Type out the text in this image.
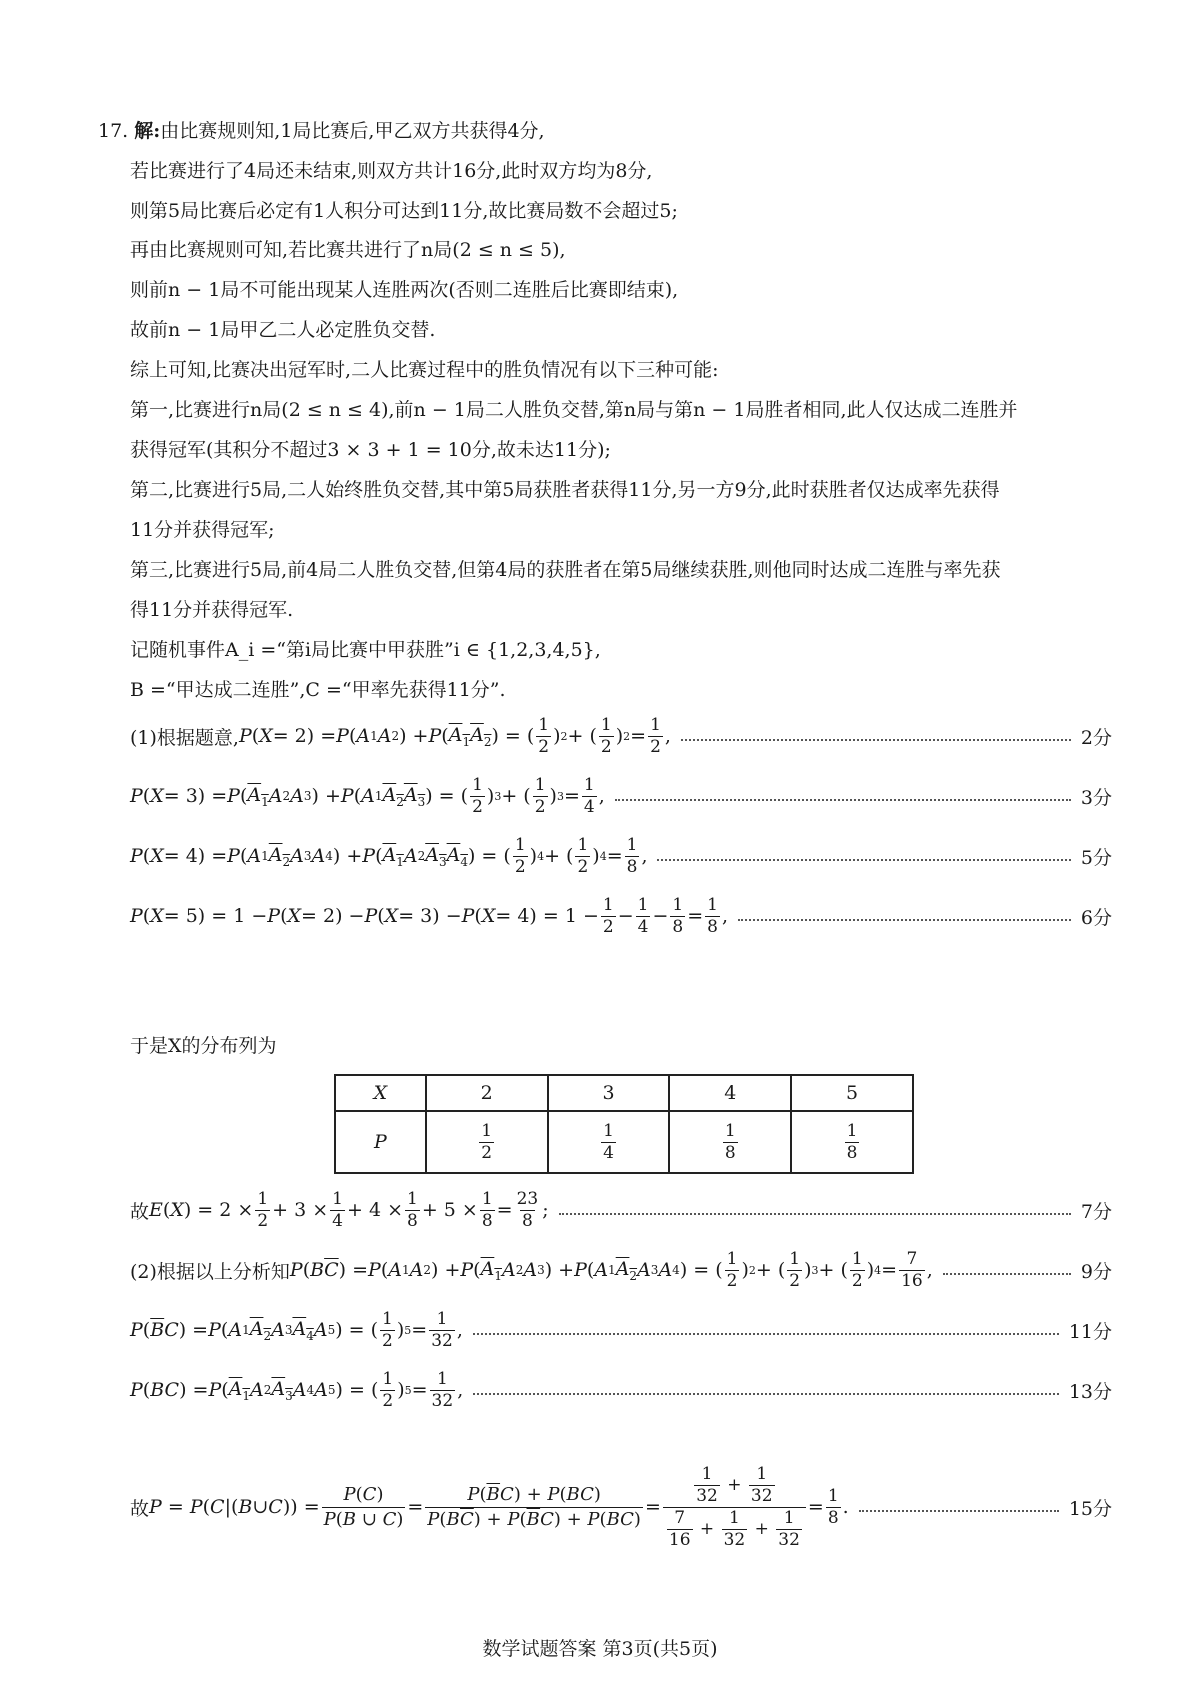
17. 解:由比赛规则知,1局比赛后,甲乙双方共获得4分,
若比赛进行了4局还未结束,则双方共计16分,此时双方均为8分,
则第5局比赛后必定有1人积分可达到11分,故比赛局数不会超过5;
再由比赛规则可知,若比赛共进行了n局(2 ≤ n ≤ 5),
则前n − 1局不可能出现某人连胜两次(否则二连胜后比赛即结束),
故前n − 1局甲乙二人必定胜负交替.
综上可知,比赛决出冠军时,二人比赛过程中的胜负情况有以下三种可能:
第一,比赛进行n局(2 ≤ n ≤ 4),前n − 1局二人胜负交替,第n局与第n − 1局胜者相同,此人仅达成二连胜并
获得冠军(其积分不超过3 × 3 + 1 = 10分,故未达11分);
第二,比赛进行5局,二人始终胜负交替,其中第5局获胜者获得11分,另一方9分,此时获胜者仅达成率先获得
11分并获得冠军;
第三,比赛进行5局,前4局二人胜负交替,但第4局的获胜者在第5局继续获胜,则他同时达成二连胜与率先获
得11分并获得冠军.
记随机事件A_i =“第i局比赛中甲获胜”i ∈ {1,2,3,4,5},
B =“甲达成二连胜”,C =“甲率先获得11分”.
(1)根据题意, P ( X = 2) = P ( A 1 A 2 ) + P ( $A_1$ $A_2$ ) = ( $\frac{1}{2}$ ) 2 + ( $\frac{1}{2}$ ) $2 = \frac{1}{2}$ ,	2分
P ( X = 3) = P ( $A_1$ A 2 A 3 ) + P ( A 1 $A_2$ $A_3$ ) = ( $\frac{1}{2}$ ) 3 + ( $\frac{1}{2}$ ) $3 = \frac{1}{4}$ ,	3分
P ( X = 4) = P ( A 1 $A_2$ A 3 A 4 ) + P ( $A_1$ A 2 $A_3$ $A_4$ ) = ( $\frac{1}{2}$ ) 4 + ( $\frac{1}{2}$ ) $4 = \frac{1}{8}$ ,	5分
P ( X = 5) = 1 − P ( X = 2) − P ( X = 3) − P ( $X = 4) = 1 - \frac{1}{2} - \frac{1}{4} - \frac{1}{8} = \frac{1}{8}$ ,	6分
于是X的分布列为
X	2	3	4	5
P	$\frac{1}{2}$	$\frac{1}{4}$	$\frac{1}{8}$	$\frac{1}{8}$
故 E ( X ) = $2 \times \frac{1}{2} + 3 \times \frac{1}{4} + 4 \times \frac{1}{8} + 5 \times \frac{1}{8} = \frac{23}{8}$ ;	7分
(2)根据以上分析知 P ( B $\overline{C}$ ) = P ( A 1 A 2 ) + P ( $A_1$ A 2 A 3 ) + P ( A 1 $A_2$ A 3 A 4 ) = ( $\frac{1}{2}$ ) 2 + ( $\frac{1}{2}$ ) 3 + ( $\frac{1}{2}$ ) $4 = \frac{7}{16}$ ,	9分
P ( $\overline{B}$ C ) = P ( A 1 $A_2$ A 3 $A_4$ A 5 ) = ( $\frac{1}{2}$ ) $5 = \frac{1}{32}$ ,	11分
P ( BC ) = P ( $A_1$ A 2 $A_3$ A 4 A 5 ) = ( $\frac{1}{2}$ ) $5 = \frac{1}{32}$ ,	13分
故 P = P ( C |( B ∪ C )) = $\frac{P(C)}{P(B \cup C)} = \frac{P(\overline{B}C) + P(BC)}{P(B\overline{C}) + P(\overline{B}C) + P(BC)} = \frac{\frac{1}{32} + \frac{1}{32}}{\frac{7}{16} + \frac{1}{32} + \frac{1}{32}} = \frac{1}{8}$ .	15分
数学试题答案 第3页(共5页)
